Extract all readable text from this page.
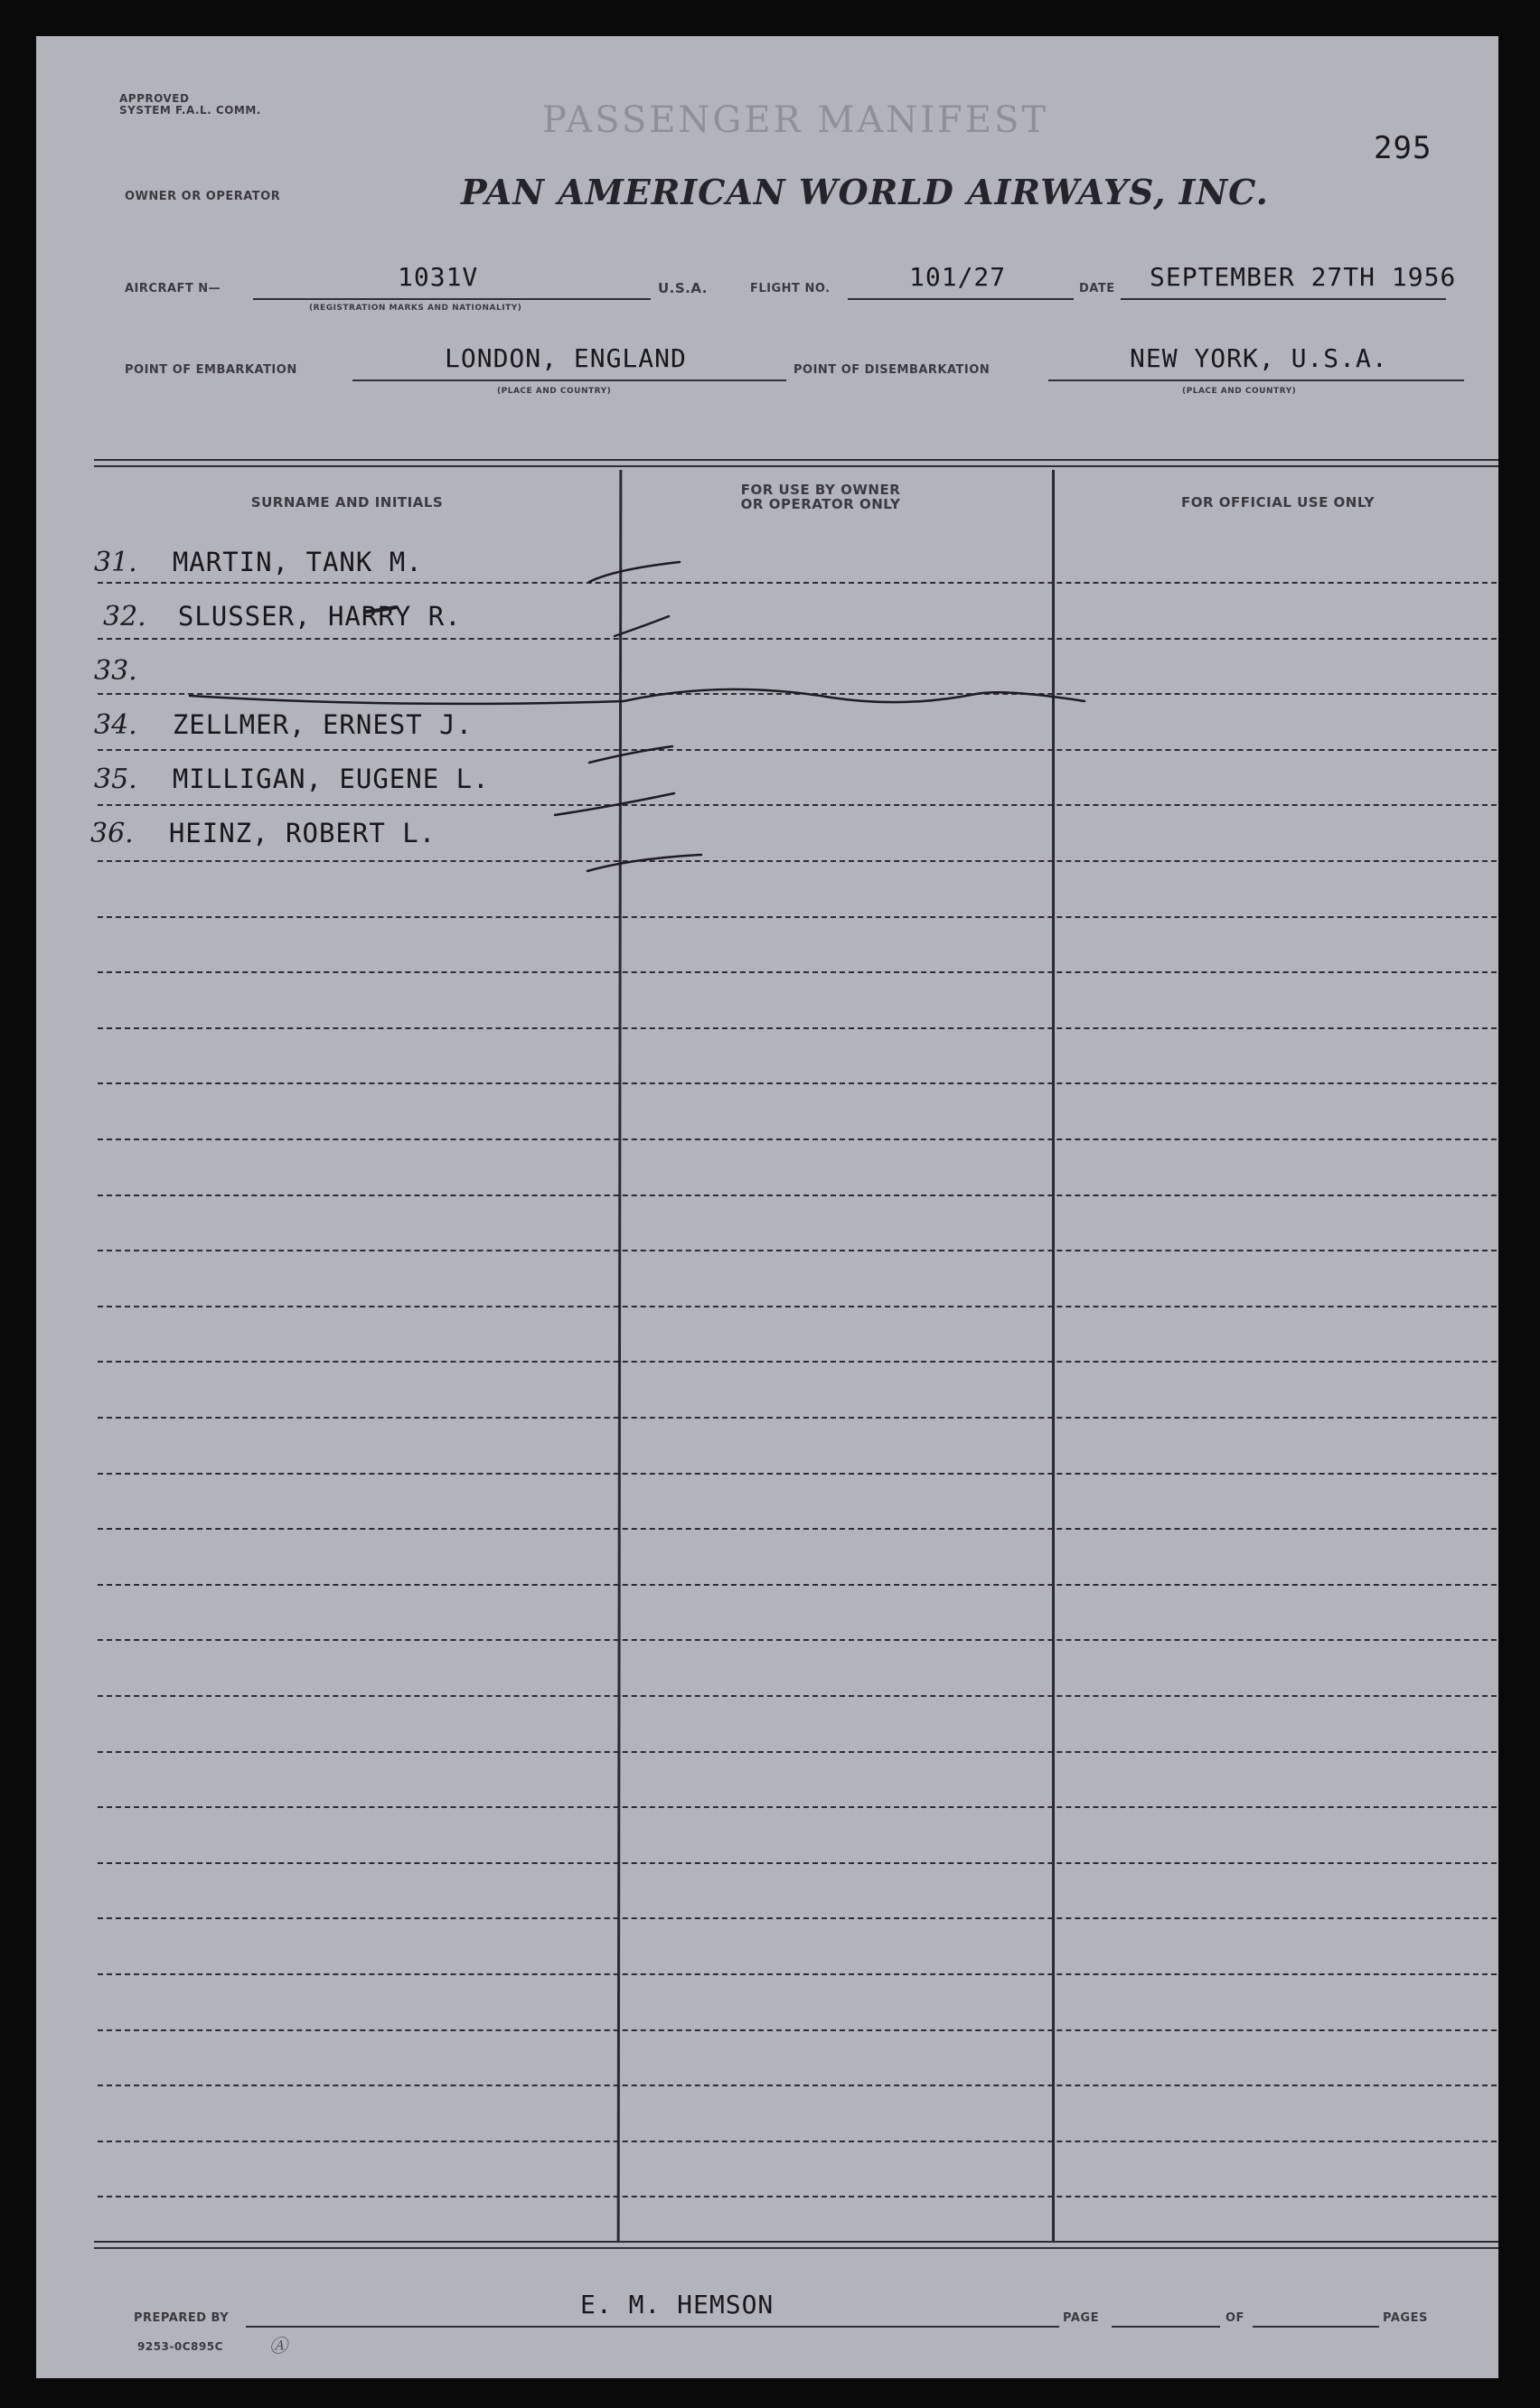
APPROVED
SYSTEM F.A.L. COMM.	PASSENGER MANIFEST
295
OWNER OR OPERATOR	PAN AMERICAN WORLD AIRWAYS, INC.
AIRCRAFT N—	1031V
(REGISTRATION MARKS AND NATIONALITY)
U.S.A.	FLIGHT NO.	101/27	DATE SEPTEMBER 27TH 1956
POINT OF EMBARKATION	LONDON, ENGLAND
(PLACE AND COUNTRY)
POINT OF DISEMBARKATION	NEW YORK, U.S.A.
(PLACE AND COUNTRY)
SURNAME AND INITIALS
FOR USE BY OWNER
OR OPERATOR ONLY	FOR OFFICIAL USE ONLY
31. MARTIN, TANK M.
32. SLUSSER, HARRY R.
33.
34. ZELLMER, ERNEST J.
35. MILLIGAN, EUGENE L.
36. HEINZ, ROBERT L.
PREPARED BY	E. M. HEMSON	PAGE	OF	PAGES
9253-0C895C	Ⓐ
